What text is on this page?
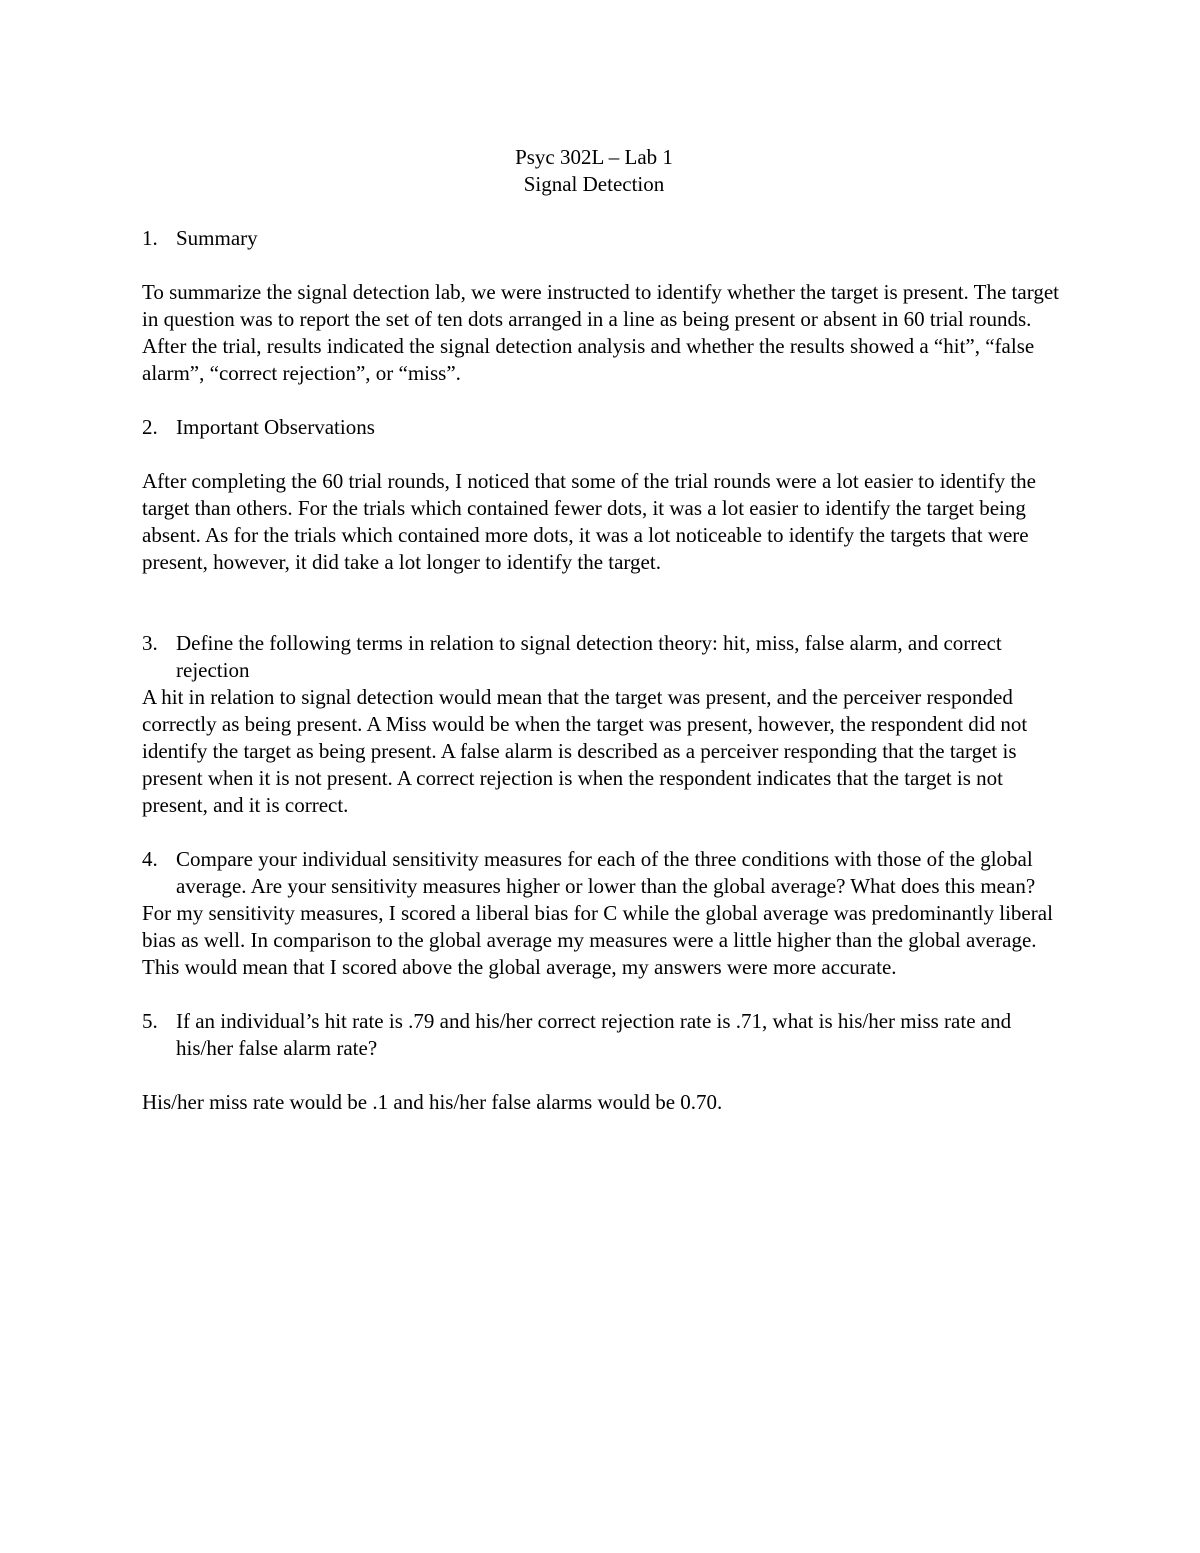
Psyc 302L – Lab 1
Signal Detection
1. Summary

To summarize the signal detection lab, we were instructed to identify whether the target is present. The target in question was to report the set of ten dots arranged in a line as being present or absent in 60 trial rounds. After the trial, results indicated the signal detection analysis and whether the results showed a “hit”, “false alarm”, “correct rejection”, or “miss”.

2. Important Observations

After completing the 60 trial rounds, I noticed that some of the trial rounds were a lot easier to identify the target than others. For the trials which contained fewer dots, it was a lot easier to identify the target being absent. As for the trials which contained more dots, it was a lot noticeable to identify the targets that were present, however, it did take a lot longer to identify the target.

3. Define the following terms in relation to signal detection theory: hit, miss, false alarm, and correct rejection

A hit in relation to signal detection would mean that the target was present, and the perceiver responded correctly as being present. A Miss would be when the target was present, however, the respondent did not identify the target as being present. A false alarm is described as a perceiver responding that the target is present when it is not present. A correct rejection is when the respondent indicates that the target is not present, and it is correct.

4. Compare your individual sensitivity measures for each of the three conditions with those of the global average. Are your sensitivity measures higher or lower than the global average? What does this mean?

For my sensitivity measures, I scored a liberal bias for C while the global average was predominantly liberal bias as well. In comparison to the global average my measures were a little higher than the global average. This would mean that I scored above the global average, my answers were more accurate.

5. If an individual’s hit rate is .79 and his/her correct rejection rate is .71, what is his/her miss rate and his/her false alarm rate?

His/her miss rate would be .1 and his/her false alarms would be 0.70.
